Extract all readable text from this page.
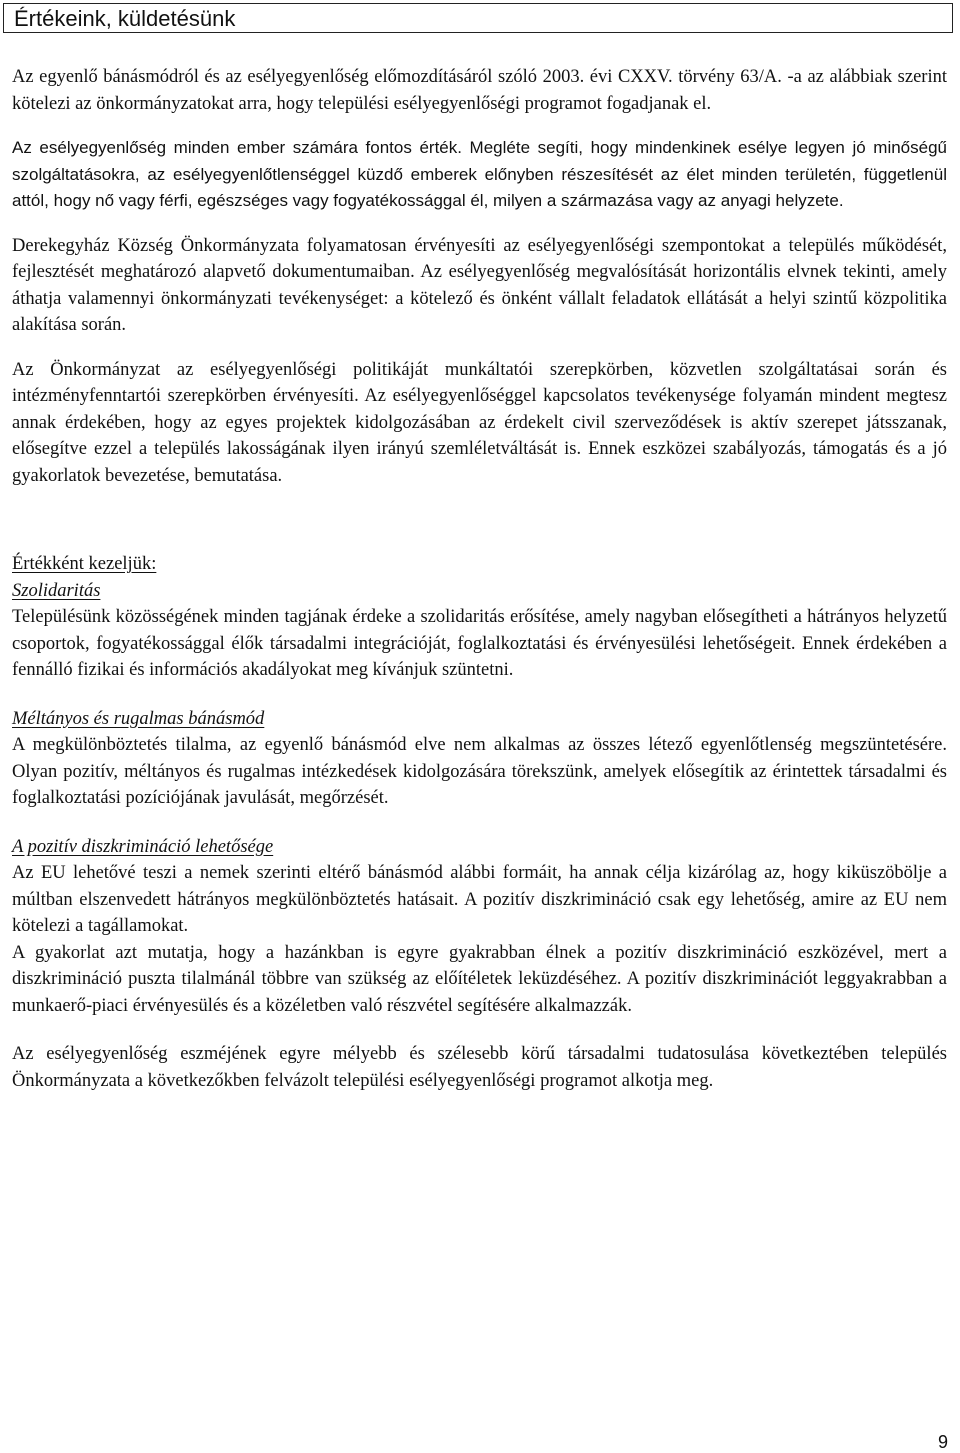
Értékeink, küldetésünk

Az egyenlő bánásmódról és az esélyegyenlőség előmozdításáról szóló 2003. évi CXXV. törvény 63/A. -a az alábbiak szerint kötelezi az önkormányzatokat arra, hogy települési esélyegyenlőségi programot fogadjanak el.

Az esélyegyenlőség minden ember számára fontos érték. Megléte segíti, hogy mindenkinek esélye legyen jó minőségű szolgáltatásokra, az esélyegyenlőtlenséggel küzdő emberek előnyben részesítését az élet minden területén, függetlenül attól, hogy nő vagy férfi, egészséges vagy fogyatékossággal él, milyen a származása vagy az anyagi helyzete.

Derekegyház Község Önkormányzata folyamatosan érvényesíti az esélyegyenlőségi szempontokat a település működését, fejlesztését meghatározó alapvető dokumentumaiban. Az esélyegyenlőség megvalósítását horizontális elvnek tekinti, amely áthatja valamennyi önkormányzati tevékenységet: a kötelező és önként vállalt feladatok ellátását a helyi szintű közpolitika alakítása során.

Az Önkormányzat az esélyegyenlőségi politikáját munkáltatói szerepkörben, közvetlen szolgáltatásai során és intézményfenntartói szerepkörben érvényesíti. Az esélyegyenlőséggel kapcsolatos tevékenysége folyamán mindent megtesz annak érdekében, hogy az egyes projektek kidolgozásában az érdekelt civil szerveződések is aktív szerepet játsszanak, elősegítve ezzel a település lakosságának ilyen irányú szemléletváltását is. Ennek eszközei szabályozás, támogatás és a jó gyakorlatok bevezetése, bemutatása.

Értékként kezeljük:

Szolidaritás

Településünk közösségének minden tagjának érdeke a szolidaritás erősítése, amely nagyban elősegítheti a hátrányos helyzetű csoportok, fogyatékossággal élők társadalmi integrációját, foglalkoztatási és érvényesülési lehetőségeit. Ennek érdekében a fennálló fizikai és információs akadályokat meg kívánjuk szüntetni.

Méltányos és rugalmas bánásmód

A megkülönböztetés tilalma, az egyenlő bánásmód elve nem alkalmas az összes létező egyenlőtlenség megszüntetésére. Olyan pozitív, méltányos és rugalmas intézkedések kidolgozására törekszünk, amelyek elősegítik az érintettek társadalmi és foglalkoztatási pozíciójának javulását, megőrzését.

A pozitív diszkrimináció lehetősége

Az EU lehetővé teszi a nemek szerinti eltérő bánásmód alábbi formáit, ha annak célja kizárólag az, hogy kiküszöbölje a múltban elszenvedett hátrányos megkülönböztetés hatásait. A pozitív diszkrimináció csak egy lehetőség, amire az EU nem kötelezi a tagállamokat.

A gyakorlat azt mutatja, hogy a hazánkban is egyre gyakrabban élnek a pozitív diszkrimináció eszközével, mert a diszkrimináció puszta tilalmánál többre van szükség az előítéletek leküzdéséhez. A pozitív diszkriminációt leggyakrabban a munkaerő-piaci érvényesülés és a közéletben való részvétel segítésére alkalmazzák.

Az esélyegyenlőség eszméjének egyre mélyebb és szélesebb körű társadalmi tudatosulása következtében település Önkormányzata a következőkben felvázolt települési esélyegyenlőségi programot alkotja meg.

9
